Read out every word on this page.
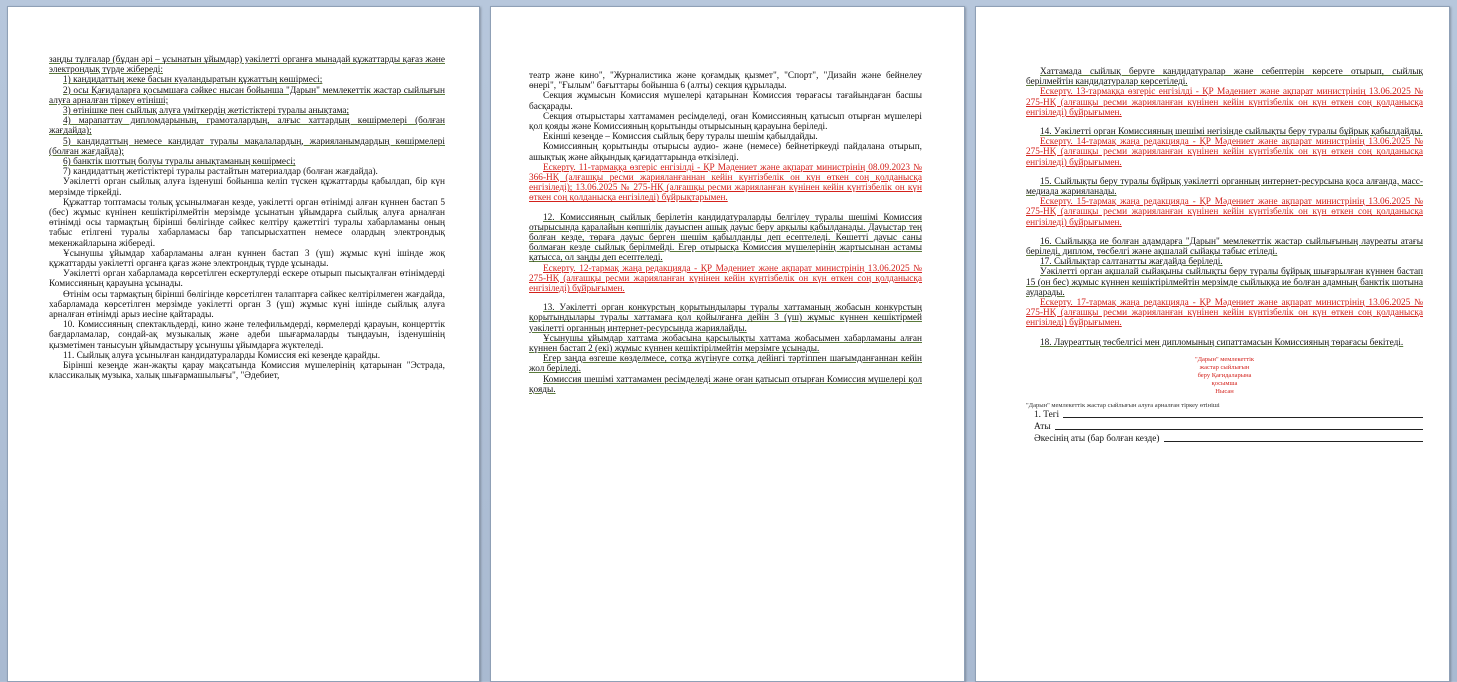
заңды тұлғалар (бұдан әрі – ұсынатын ұйымдар) уәкілетті органға мынадай құжаттарды қағаз және электрондық түрде жібереді:

1) кандидаттың жеке басын куәландыратын құжаттың көшірмесі;

2) осы Қағидаларға қосымшаға сәйкес нысан бойынша "Дарын" мемлекеттік жастар сыйлығын алуға арналған тіркеу өтініші;

3) өтінішке пен сыйлық алуға үміткердің жетістіктері туралы анықтама;

4) марапаттау дипломдарының, грамоталардың, алғыс хаттардың көшірмелері (болған жағдайда);

5) кандидаттың немесе кандидат туралы мақалалардың, жарияланымдардың көшірмелері (болған жағдайда);

6) банктік шоттың болуы туралы анықтаманың көшірмесі;

7) кандидаттың жетістіктері туралы растайтын материалдар (болған жағдайда).

Уәкілетті орган сыйлық алуға ізденуші бойынша келіп түскен құжаттарды қабылдап, бір күн мерзімде тіркейді.

Құжаттар топтамасы толық ұсынылмаған кезде, уәкілетті орган өтінімді алған күннен бастап 5 (бес) жұмыс күнінен кешіктірілмейтін мерзімде ұсынатын ұйымдарға сыйлық алуға арналған өтінімді осы тармақтың бірінші бөлігінде сәйкес келтіру қажеттігі туралы хабарламаны оның табыс етілгені туралы хабарламасы бар тапсырысхатпен немесе олардың электрондық мекенжайларына жібереді.

Ұсынушы ұйымдар хабарламаны алған күннен бастап 3 (үш) жұмыс күні ішінде жоқ құжаттарды уәкілетті органға қағаз және электрондық түрде ұсынады.

Уәкілетті орган хабарламада көрсетілген ескертулерді ескере отырып пысықталған өтінімдерді Комиссияның қарауына ұсынады.

Өтінім осы тармақтың бірінші бөлігінде көрсетілген талаптарға сәйкес келтірілмеген жағдайда, хабарламада көрсетілген мерзімде уәкілетті орган 3 (үш) жұмыс күні ішінде сыйлық алуға арналған өтінімді арыз иесіне қайтарады.

10. Комиссияның спектакльдерді, кино және телефильмдерді, көрмелерді қарауын, концерттік бағдарламалар, сондай-ақ музыкалық және әдеби шығармаларды тыңдауын, ізденушінің қызметімен танысуын ұйымдастыру ұсынушы ұйымдарға жүктеледі.

11. Сыйлық алуға ұсынылған кандидатураларды Комиссия екі кезеңде қарайды.

Бірінші кезеңде жан-жақты қарау мақсатында Комиссия мүшелерінің қатарынан "Эстрада, классикалық музыка, халық шығармашылығы", "Әдебиет,

театр және кино", "Журналистика және қоғамдық қызмет", "Спорт", "Дизайн және бейнелеу өнері", "Ғылым" бағыттары бойынша 6 (алты) секция құрылады.

Секция жұмысын Комиссия мүшелері қатарынан Комиссия төрағасы тағайындаған басшы басқарады.

Секция отырыстары хаттамамен ресімделеді, оған Комиссияның қатысып отырған мүшелері қол қояды және Комиссияның қорытынды отырысының қарауына беріледі.

Екінші кезеңде – Комиссия сыйлық беру туралы шешім қабылдайды.

Комиссияның қорытынды отырысы аудио- және (немесе) бейнетіркеуді пайдалана отырып, ашықтық және айқындық қағидаттарында өткізіледі.

Ескерту. 11-тармаққа өзгеріс енгізілді - ҚР Мәдениет және ақпарат министрінің 08.09.2023 № 366-НҚ (алғашқы ресми жарияланғаннан кейін күнтізбелік он күн өткен соң қолданысқа енгізіледі); 13.06.2025 № 275-НҚ (алғашқы ресми жарияланған күнінен кейін күнтізбелік он күн өткен соң қолданысқа енгізіледі) бұйрықтарымен.

12. Комиссияның сыйлық берілетін кандидатураларды белгілеу туралы шешімі Комиссия отырысында қаралайын көпшілік дауыспен ашық дауыс беру арқылы қабылданады. Дауыстар тең болған кезде, төраға дауыс берген шешім қабылданды деп есептеледі. Көшетті дауыс саны болмаған кезде сыйлық берілмейді. Егер отырысқа Комиссия мүшелерінің жартысынан астамы қатысса, ол заңды деп есептеледі.

Ескерту. 12-тармақ жаңа редакцияда - ҚР Мәдениет және ақпарат министрінің 13.06.2025 № 275-НҚ (алғашқы ресми жарияланған күнінен кейін күнтізбелік он күн өткен соң қолданысқа енгізіледі) бұйрығымен.

13. Уәкілетті орган конкурстың қорытындылары туралы хаттаманың жобасын конкурстың қорытындылары туралы хаттамаға қол қойылғанға дейін 3 (үш) жұмыс күннен кешіктірмей уәкілетті органның интернет-ресурсында жариялайды.

Ұсынушы ұйымдар хаттама жобасына қарсылықты хаттама жобасымен хабарламаны алған күннен бастап 2 (екі) жұмыс күннен кешіктірілмейтін мерзімге ұсынады.

Егер заңда өзгеше көзделмесе, сотқа жүгінуге сотқа дейінгі тәртіппен шағымданғаннан кейін жол беріледі.

Комиссия шешімі хаттамамен ресімделеді және оған қатысып отырған Комиссия мүшелері қол қояды.

Хаттамада сыйлық беруге кандидатуралар және себептерін көрсете отырып, сыйлық берілмейтін кандидатуралар көрсетіледі.

Ескерту. 13-тармаққа өзгеріс енгізілді - ҚР Мәдениет және ақпарат министрінің 13.06.2025 № 275-НҚ (алғашқы ресми жарияланған күнінен кейін күнтізбелік он күн өткен соң қолданысқа енгізіледі) бұйрығымен.

14. Уәкілетті орган Комиссияның шешімі негізінде сыйлықты беру туралы бұйрық қабылдайды.

Ескерту. 14-тармақ жаңа редакцияда - ҚР Мәдениет және ақпарат министрінің 13.06.2025 № 275-НҚ (алғашқы ресми жарияланған күнінен кейін күнтізбелік он күн өткен соң қолданысқа енгізіледі) бұйрығымен.

15. Сыйлықты беру туралы бұйрық уәкілетті органның интернет-ресурсына қоса алғанда, масс-медиада жарияланады.

Ескерту. 15-тармақ жаңа редакцияда - ҚР Мәдениет және ақпарат министрінің 13.06.2025 № 275-НҚ (алғашқы ресми жарияланған күнінен кейін күнтізбелік он күн өткен соң қолданысқа енгізіледі) бұйрығымен.

16. Сыйлыққа ие болған адамдарға "Дарын" мемлекеттік жастар сыйлығының лауреаты атағы беріледі, диплом, төсбелгі және ақшалай сыйақы табыс етіледі.

17. Сыйлықтар салтанатты жағдайда беріледі.

Уәкілетті орган ақшалай сыйақыны сыйлықты беру туралы бұйрық шығарылған күннен бастап 15 (он бес) жұмыс күннен кешіктірілмейтін мерзімде сыйлыққа ие болған адамның банктік шотына аударады.

Ескерту. 17-тармақ жаңа редакцияда - ҚР Мәдениет және ақпарат министрінің 13.06.2025 № 275-НҚ (алғашқы ресми жарияланған күнінен кейін күнтізбелік он күн өткен соң қолданысқа енгізіледі) бұйрығымен.

18. Лауреаттың төсбелгісі мен дипломының сипаттамасын Комиссияның төрағасы бекітеді.

"Дарын" мемлекеттік
жастар сыйлығын
беру Қағидаларына
қосымша
Нысан
"Дарын" мемлекеттік жастар сыйлығын алуға арналған тіркеу өтініші
1. Тегі
Аты
Әкесінің аты (бар болған кезде)
